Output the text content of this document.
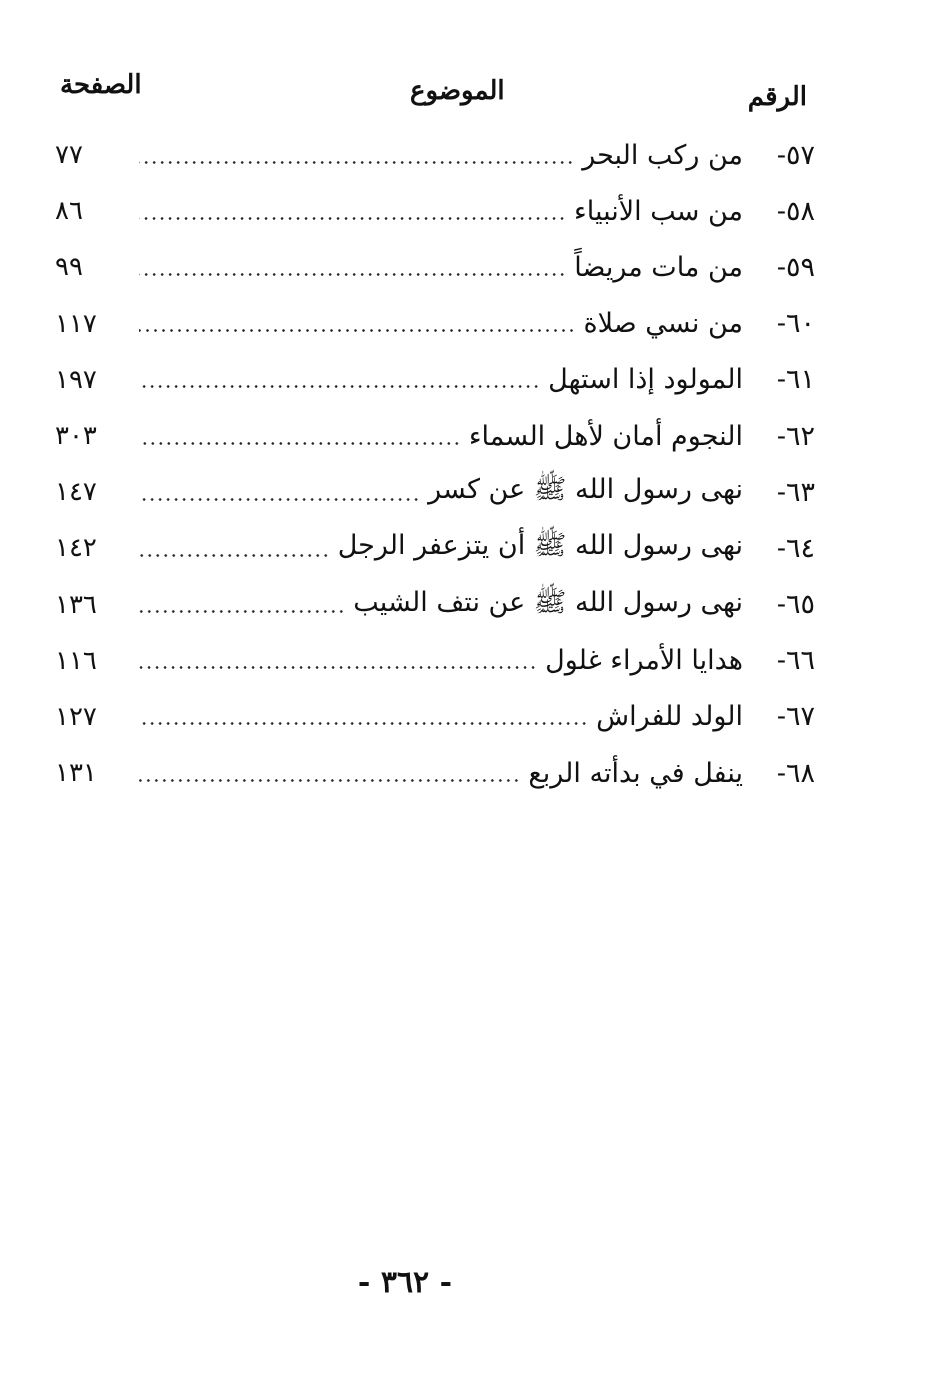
الرقم
الموضوع
الصفحة
٥٧-
من ركب البحر
٧٧
٥٨-
من سب الأنبياء
٨٦
٥٩-
من مات مريضاً
٩٩
٦٠-
من نسي صلاة
١١٧
٦١-
المولود إذا استهل
١٩٧
٦٢-
النجوم أمان لأهل السماء
٣٠٣
٦٣-
نهى رسول الله ﷺ عن كسر
١٤٧
٦٤-
نهى رسول الله ﷺ أن يتزعفر الرجل
١٤٢
٦٥-
نهى رسول الله ﷺ عن نتف الشيب
١٣٦
٦٦-
هدايا الأمراء غلول
١١٦
٦٧-
الولد للفراش
١٢٧
٦٨-
ينفل في بدأته الربع
١٣١
- ٣٦٢ -
